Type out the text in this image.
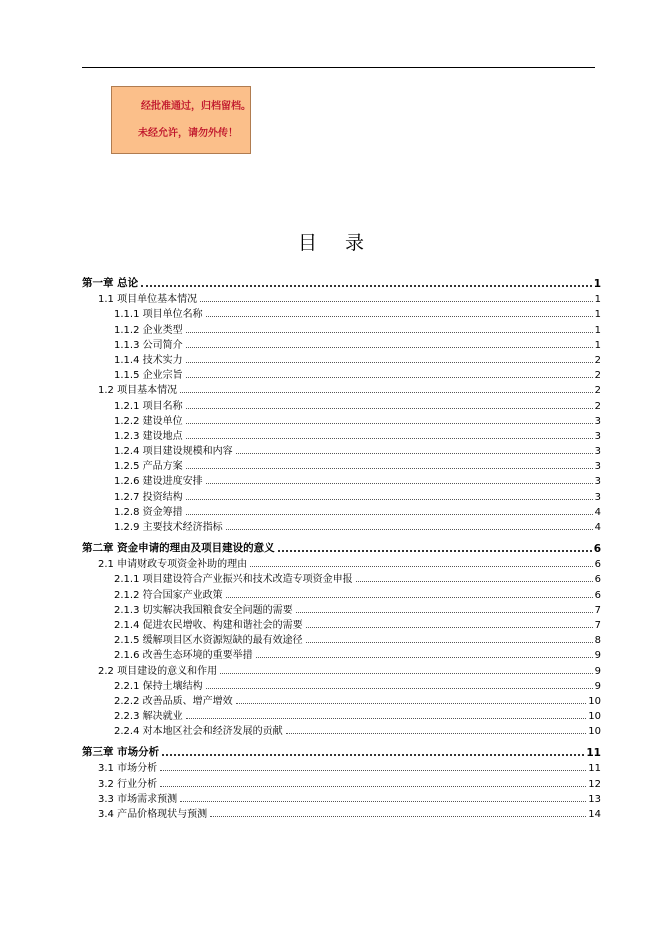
经批准通过，归档留档。
未经允许，请勿外传！
目 录
第一章 总论	1
1.1 项目单位基本情况	1
1.1.1 项目单位名称	1
1.1.2 企业类型	1
1.1.3 公司简介	1
1.1.4 技术实力	2
1.1.5 企业宗旨	2
1.2 项目基本情况	2
1.2.1 项目名称	2
1.2.2 建设单位	3
1.2.3 建设地点	3
1.2.4 项目建设规模和内容	3
1.2.5 产品方案	3
1.2.6 建设进度安排	3
1.2.7 投资结构	3
1.2.8 资金筹措	4
1.2.9 主要技术经济指标	4
第二章 资金申请的理由及项目建设的意义	6
2.1 申请财政专项资金补助的理由	6
2.1.1 项目建设符合产业振兴和技术改造专项资金申报	6
2.1.2 符合国家产业政策	6
2.1.3 切实解决我国粮食安全问题的需要	7
2.1.4 促进农民增收、构建和谐社会的需要	7
2.1.5 缓解项目区水资源短缺的最有效途径	8
2.1.6 改善生态环境的重要举措	9
2.2 项目建设的意义和作用	9
2.2.1 保持土壤结构	9
2.2.2 改善品质、增产增效	10
2.2.3 解决就业	10
2.2.4 对本地区社会和经济发展的贡献	10
第三章 市场分析	11
3.1 市场分析	11
3.2 行业分析	12
3.3 市场需求预测	13
3.4 产品价格现状与预测	14
